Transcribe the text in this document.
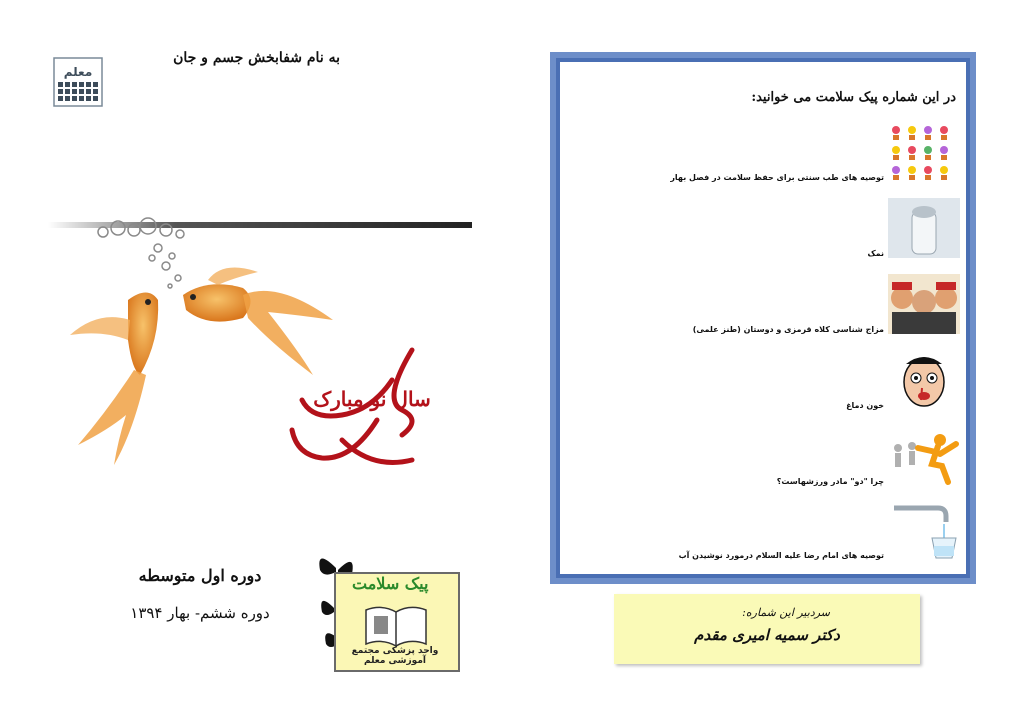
معلم
به نام شفابخش جسم و جان
سال نو مبارک
دوره اول متوسطه
دوره ششم- بهار ۱۳۹۴
پیک سلامت
واحد پزشکی مجتمع آموزشی معلم
در این شماره پیک سلامت می خوانید:
توصیه های طب سنتی برای حفظ سلامت در فصل بهار
نمک
مزاج شناسی کلاه قرمزی و دوستان (طنز علمی)
خون دماغ
چرا "دو" مادر ورزشهاست؟
توصیه های امام رضا علیه السلام درمورد نوشیدن آب
سردبیر این شماره:
دکتر سمیه امیری مقدم
